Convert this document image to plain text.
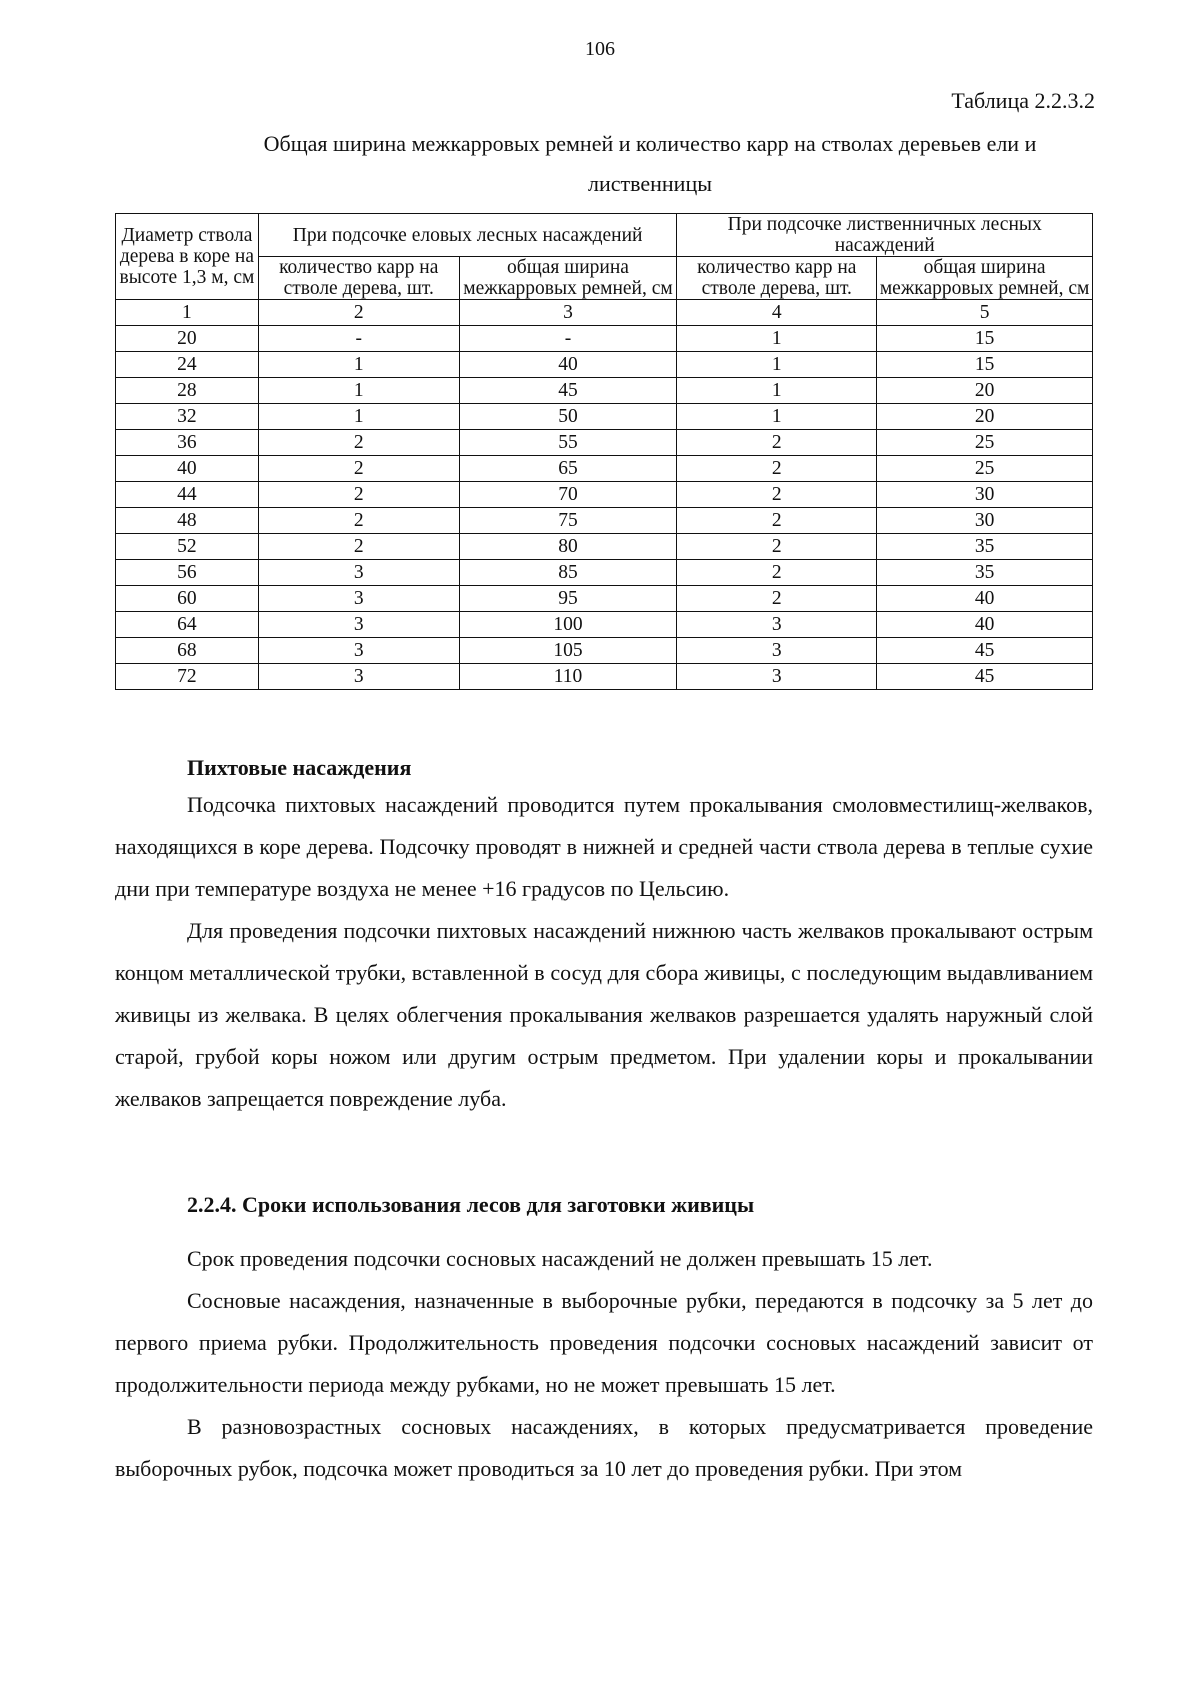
106
Таблица 2.2.3.2
Общая ширина межкарровых ремней и количество карр на стволах деревьев ели и лиственницы
Диаметр ствола дерева в коре на высоте 1,3 м, см	При подсочке еловых лесных насаждений		При подсочке лиственничных лесных насаждений	
	количество карр на стволе дерева, шт.	общая ширина межкарровых ремней, см	количество карр на стволе дерева, шт.	общая ширина межкарровых ремней, см
1	2	3	4	5
20	-	-	1	15
24	1	40	1	15
28	1	45	1	20
32	1	50	1	20
36	2	55	2	25
40	2	65	2	25
44	2	70	2	30
48	2	75	2	30
52	2	80	2	35
56	3	85	2	35
60	3	95	2	40
64	3	100	3	40
68	3	105	3	45
72	3	110	3	45

Пихтовые насаждения

Подсочка пихтовых насаждений проводится путем прокалывания смоловместилищ-желваков, находящихся в коре дерева. Подсочку проводят в нижней и средней части ствола дерева в теплые сухие дни при температуре воздуха не менее +16 градусов по Цельсию.

Для проведения подсочки пихтовых насаждений нижнюю часть желваков прокалывают острым концом металлической трубки, вставленной в сосуд для сбора живицы, с последующим выдавливанием живицы из желвака. В целях облегчения прокалывания желваков разрешается удалять наружный слой старой, грубой коры ножом или другим острым предметом. При удалении коры и прокалывании желваков запрещается повреждение луба.

2.2.4. Сроки использования лесов для заготовки живицы

Срок проведения подсочки сосновых насаждений не должен превышать 15 лет.

Сосновые насаждения, назначенные в выборочные рубки, передаются в подсочку за 5 лет до первого приема рубки. Продолжительность проведения подсочки сосновых насаждений зависит от продолжительности периода между рубками, но не может превышать 15 лет.

В разновозрастных сосновых насаждениях, в которых предусматривается проведение выборочных рубок, подсочка может проводиться за 10 лет до проведения рубки. При этом
